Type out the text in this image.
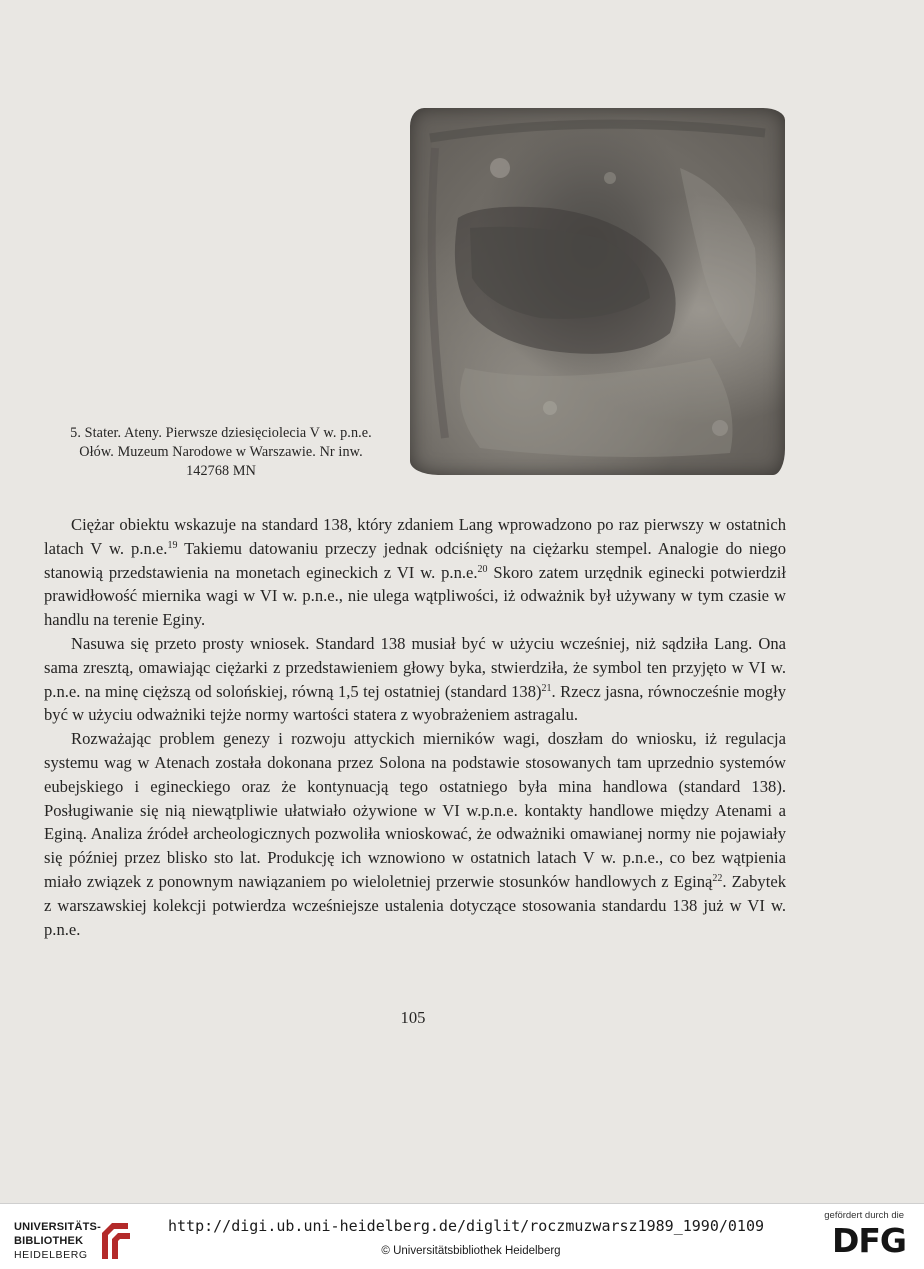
5. Stater. Ateny. Pierwsze dziesięciolecia V w. p.n.e.
Ołów. Muzeum Narodowe w Warszawie. Nr inw.
142768 MN

Ciężar obiektu wskazuje na standard 138, który zdaniem Lang wprowadzono po raz pierwszy w ostatnich latach V w. p.n.e.$^{19}$ Takiemu datowaniu przeczy jednak odciśnięty na ciężarku stempel. Analogie do niego stanowią przedstawienia na monetach egineckich z VI w. p.n.e.$^{20}$ Skoro zatem urzędnik eginecki potwierdził prawidłowość miernika wagi w VI w. p.n.e., nie ulega wątpliwości, iż odważnik był używany w tym czasie w handlu na terenie Eginy.

Nasuwa się przeto prosty wniosek. Standard 138 musiał być w użyciu wcześniej, niż sądziła Lang. Ona sama zresztą, omawiając ciężarki z przedstawieniem głowy byka, stwierdziła, że symbol ten przyjęto w VI w. p.n.e. na minę cięższą od solońskiej, równą 1,5 tej ostatniej (standard 138)$^{21}$. Rzecz jasna, równocześnie mogły być w użyciu odważniki tejże normy wartości statera z wyobrażeniem astragalu.

Rozważając problem genezy i rozwoju attyckich mierników wagi, doszłam do wniosku, iż regulacja systemu wag w Atenach została dokonana przez Solona na podstawie stosowanych tam uprzednio systemów eubejskiego i egineckiego oraz że kontynuacją tego ostatniego była mina handlowa (standard 138). Posługiwanie się nią niewątpliwie ułatwiało ożywione w VI w.p.n.e. kontakty handlowe między Atenami a Eginą. Analiza źródeł archeologicznych pozwoliła wnioskować, że odważniki omawianej normy nie pojawiały się później przez blisko sto lat. Produkcję ich wznowiono w ostatnich latach V w. p.n.e., co bez wątpienia miało związek z ponownym nawiązaniem po wieloletniej przerwie stosunków handlowych z Eginą$^{22}$. Zabytek z warszawskiej kolekcji potwierdza wcześniejsze ustalenia dotyczące stosowania standardu 138 już w VI w. p.n.e.

105
UNIVERSITÄTS-
BIBLIOTHEK
HEIDELBERG
http://digi.ub.uni-heidelberg.de/diglit/roczmuzwarsz1989_1990/0109
© Universitätsbibliothek Heidelberg
gefördert durch die
DFG
